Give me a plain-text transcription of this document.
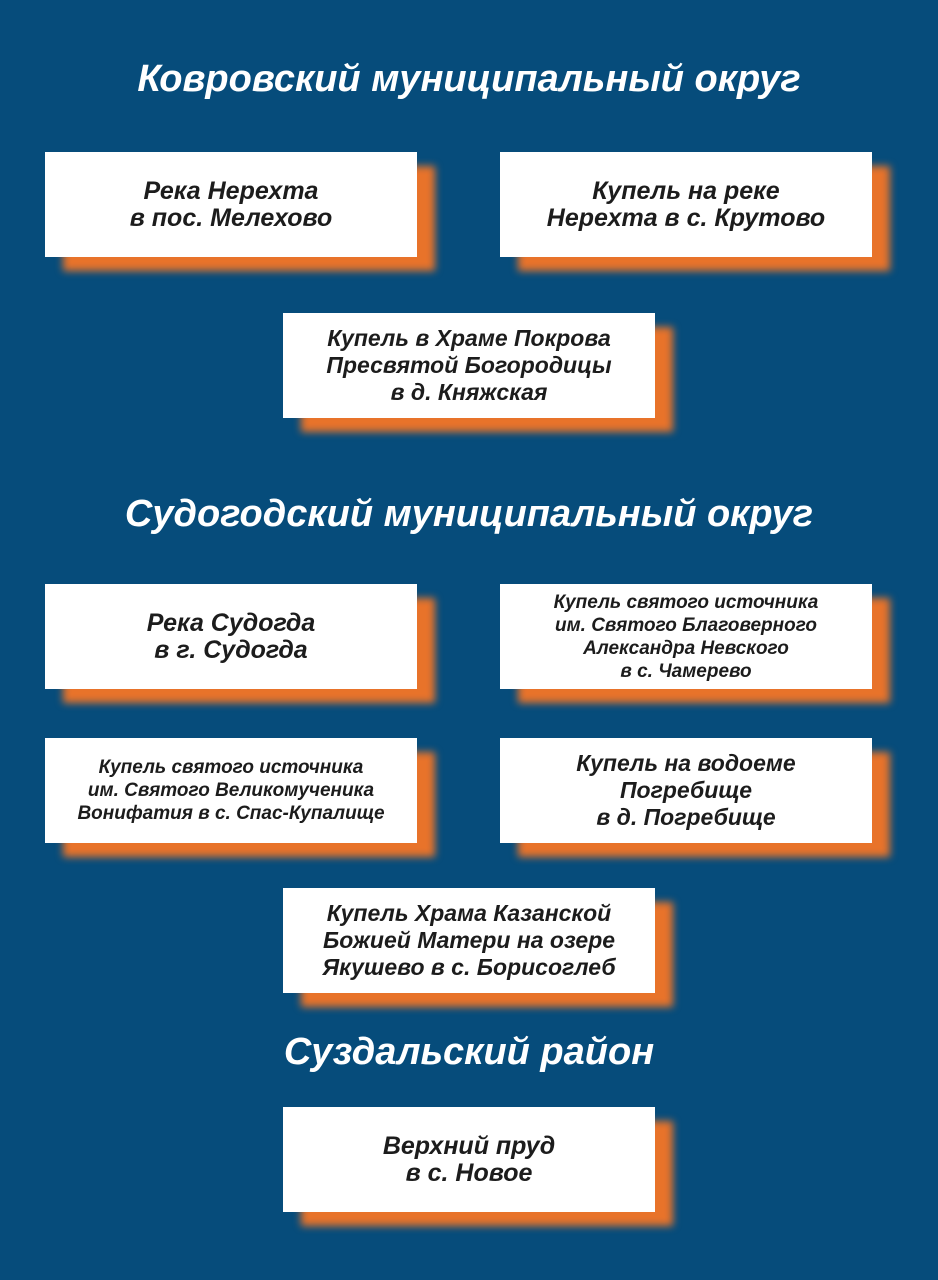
Ковровский муниципальный округ
Река Нерехта
в пос. Мелехово
Купель на реке
Нерехта в с. Крутово
Купель в Храме Покрова
Пресвятой Богородицы
в д. Княжская
Судогодский муниципальный округ
Река Судогда
в г. Судогда
Купель святого источника
им. Святого Благоверного
Александра Невского
в с. Чамерево
Купель святого источника
им. Святого Великомученика
Вонифатия в с. Спас-Купалище
Купель на водоеме
Погребище
в д. Погребище
Купель Храма Казанской
Божией Матери на озере
Якушево в с. Борисоглеб
Суздальский район
Верхний пруд
в с. Новое
